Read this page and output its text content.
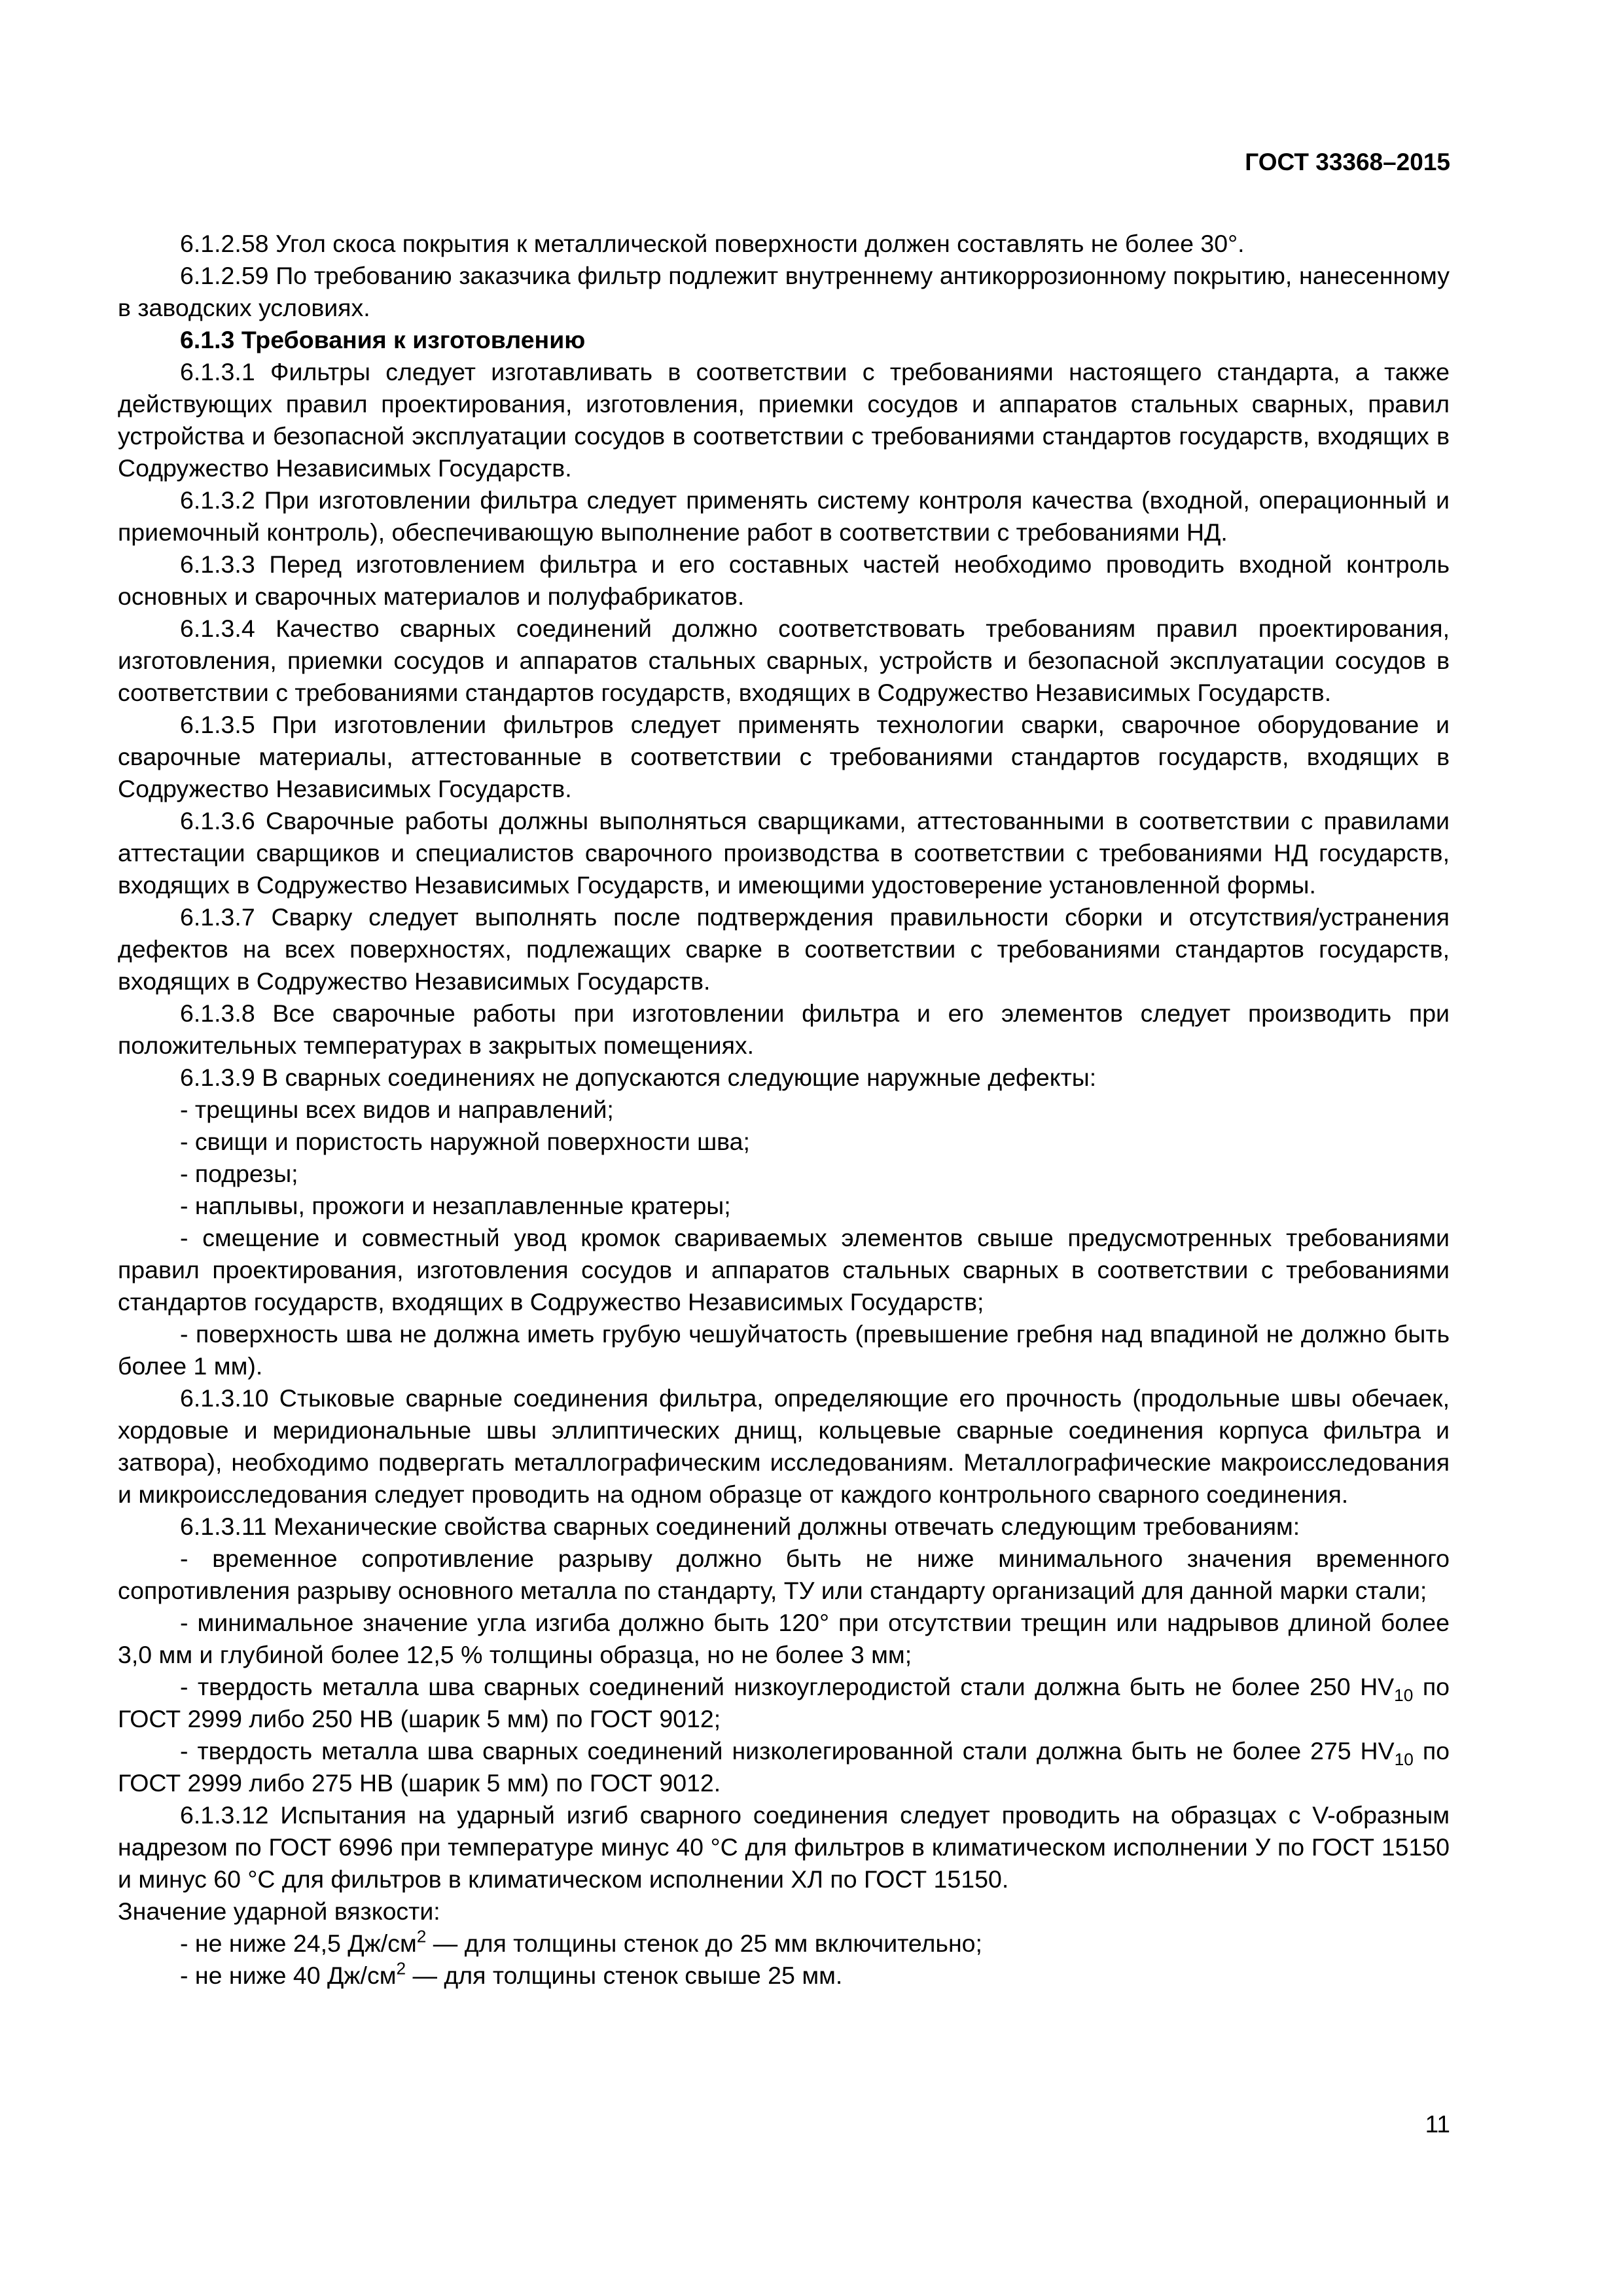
ГОСТ 33368–2015

6.1.2.58 Угол скоса покрытия к металлической поверхности должен составлять не более 30°.

6.1.2.59 По требованию заказчика фильтр подлежит внутреннему антикоррозионному покрытию, нанесенному в заводских условиях.

6.1.3 Требования к изготовлению

6.1.3.1 Фильтры следует изготавливать в соответствии с требованиями настоящего стандарта, а также действующих правил проектирования, изготовления, приемки сосудов и аппаратов стальных сварных, правил устройства и безопасной эксплуатации сосудов в соответствии с требованиями стандартов государств, входящих в Содружество Независимых Государств.

6.1.3.2 При изготовлении фильтра следует применять систему контроля качества (входной, операционный и приемочный контроль), обеспечивающую выполнение работ в соответствии с требованиями НД.

6.1.3.3 Перед изготовлением фильтра и его составных частей необходимо проводить входной контроль основных и сварочных материалов и полуфабрикатов.

6.1.3.4 Качество сварных соединений должно соответствовать требованиям правил проектирования, изготовления, приемки сосудов и аппаратов стальных сварных, устройств и безопасной эксплуатации сосудов в соответствии с требованиями стандартов государств, входящих в Содружество Независимых Государств.

6.1.3.5 При изготовлении фильтров следует применять технологии сварки, сварочное оборудование и сварочные материалы, аттестованные в соответствии с требованиями стандартов государств, входящих в Содружество Независимых Государств.

6.1.3.6 Сварочные работы должны выполняться сварщиками, аттестованными в соответствии с правилами аттестации сварщиков и специалистов сварочного производства в соответствии с требованиями НД государств, входящих в Содружество Независимых Государств, и имеющими удостоверение установленной формы.

6.1.3.7 Сварку следует выполнять после подтверждения правильности сборки и отсутствия/устранения дефектов на всех поверхностях, подлежащих сварке в соответствии с требованиями стандартов государств, входящих в Содружество Независимых Государств.

6.1.3.8 Все сварочные работы при изготовлении фильтра и его элементов следует производить при положительных температурах в закрытых помещениях.

6.1.3.9 В сварных соединениях не допускаются следующие наружные дефекты:

- трещины всех видов и направлений;

- свищи и пористость наружной поверхности шва;

- подрезы;

- наплывы, прожоги и незаплавленные кратеры;

- смещение и совместный увод кромок свариваемых элементов свыше предусмотренных требованиями правил проектирования, изготовления сосудов и аппаратов стальных сварных в соответствии с требованиями стандартов государств, входящих в Содружество Независимых Государств;

- поверхность шва не должна иметь грубую чешуйчатость (превышение гребня над впадиной не должно быть более 1 мм).

6.1.3.10 Стыковые сварные соединения фильтра, определяющие его прочность (продольные швы обечаек, хордовые и меридиональные швы эллиптических днищ, кольцевые сварные соединения корпуса фильтра и затвора), необходимо подвергать металлографическим исследованиям. Металлографические макроисследования и микроисследования следует проводить на одном образце от каждого контрольного сварного соединения.

6.1.3.11 Механические свойства сварных соединений должны отвечать следующим требованиям:

- временное сопротивление разрыву должно быть не ниже минимального значения временного сопротивления разрыву основного металла по стандарту, ТУ или стандарту организаций для данной марки стали;

- минимальное значение угла изгиба должно быть 120° при отсутствии трещин или надрывов длиной более 3,0 мм и глубиной более 12,5 % толщины образца, но не более 3 мм;

- твердость металла шва сварных соединений низкоуглеродистой стали должна быть не более 250 $HV_{10}$ по ГОСТ 2999 либо 250 НВ (шарик 5 мм) по ГОСТ 9012;

- твердость металла шва сварных соединений низколегированной стали должна быть не более 275 $HV_{10}$ по ГОСТ 2999 либо 275 НВ (шарик 5 мм) по ГОСТ 9012.

6.1.3.12 Испытания на ударный изгиб сварного соединения следует проводить на образцах с V-образным надрезом по ГОСТ 6996 при температуре минус 40 °С для фильтров в климатическом исполнении У по ГОСТ 15150 и минус 60 °С для фильтров в климатическом исполнении ХЛ по ГОСТ 15150.

Значение ударной вязкости:

- не ниже 24,5 $Дж/см^2$ — для толщины стенок до 25 мм включительно;

- не ниже 40 $Дж/см^2$ — для толщины стенок свыше 25 мм.

11
